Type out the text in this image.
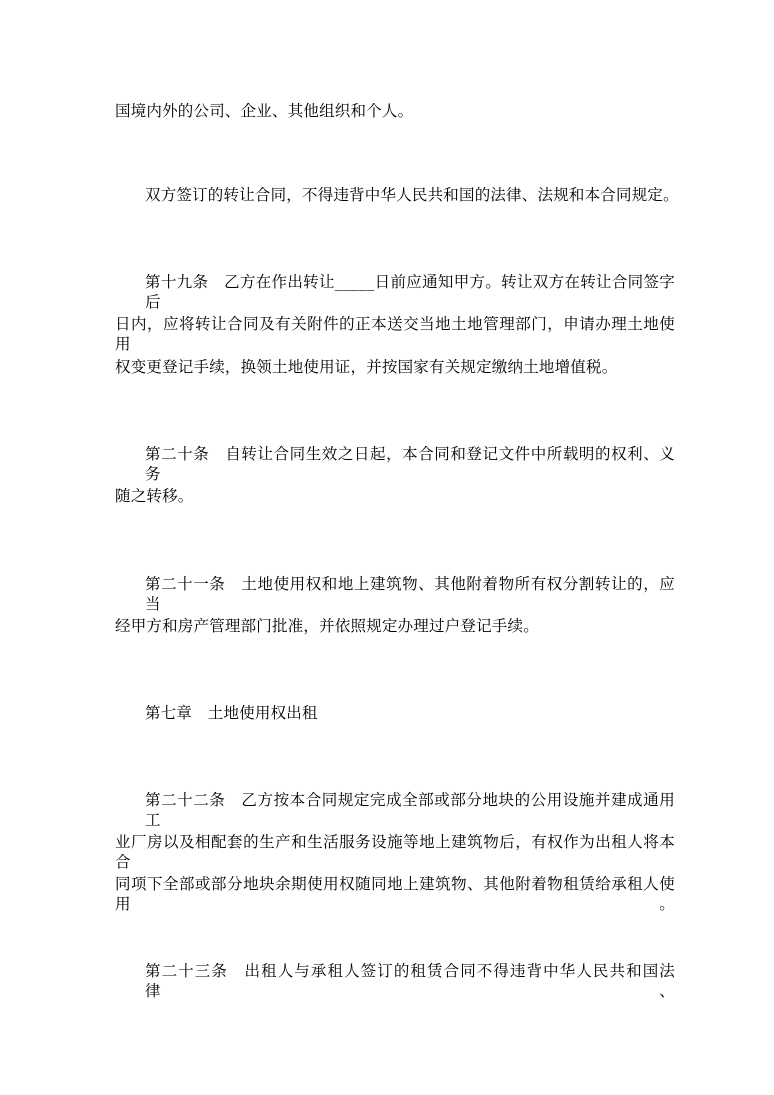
国境内外的公司、企业、其他组织和个人。
双方签订的转让合同，不得违背中华人民共和国的法律、法规和本合同规定。
第十九条　乙方在作出转让_____日前应通知甲方。转让双方在转让合同签字后
日内，应将转让合同及有关附件的正本送交当地土地管理部门，申请办理土地使用
权变更登记手续，换领土地使用证，并按国家有关规定缴纳土地增值税。
第二十条　自转让合同生效之日起，本合同和登记文件中所载明的权利、义务
随之转移。
第二十一条　土地使用权和地上建筑物、其他附着物所有权分割转让的，应当
经甲方和房产管理部门批准，并依照规定办理过户登记手续。
第七章　土地使用权出租
第二十二条　乙方按本合同规定完成全部或部分地块的公用设施并建成通用工
业厂房以及相配套的生产和生活服务设施等地上建筑物后，有权作为出租人将本合
同项下全部或部分地块余期使用权随同地上建筑物、其他附着物租赁给承租人使用。
第二十三条　出租人与承租人签订的租赁合同不得违背中华人民共和国法律、
